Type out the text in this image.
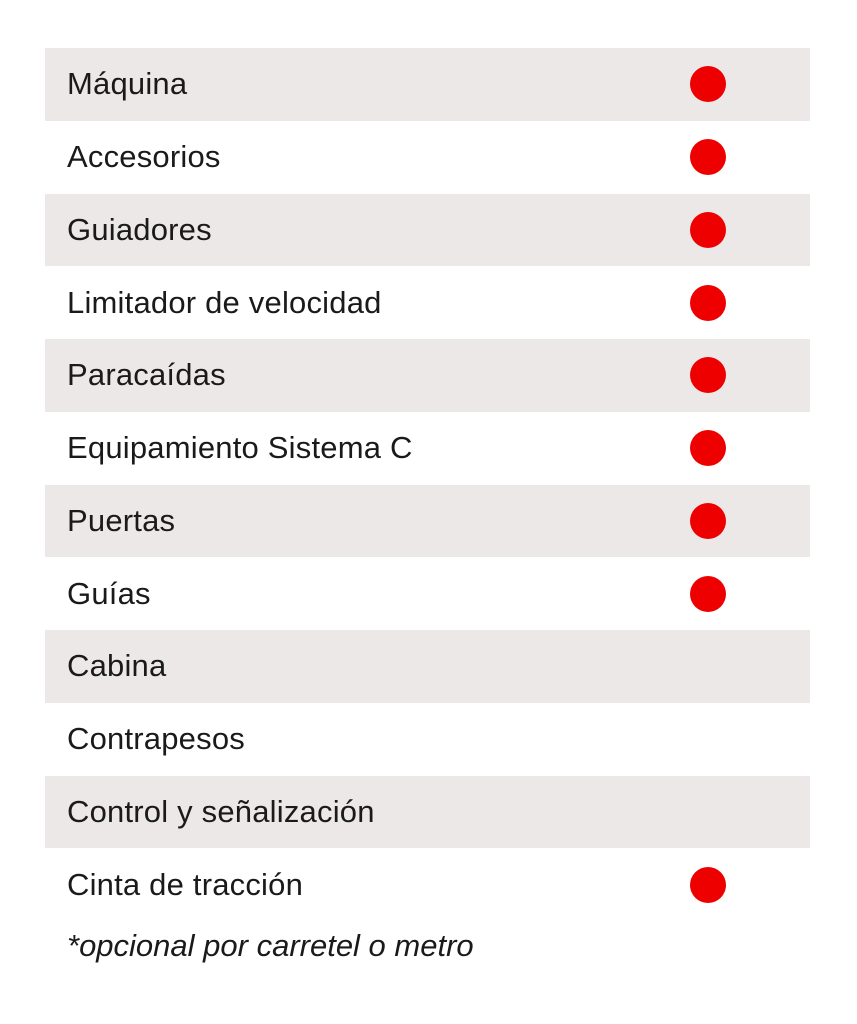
Máquina
Accesorios
Guiadores
Limitador de velocidad
Paracaídas
Equipamiento Sistema C
Puertas
Guías
Cabina
Contrapesos
Control y señalización
Cinta de tracción
*opcional por carretel o metro
